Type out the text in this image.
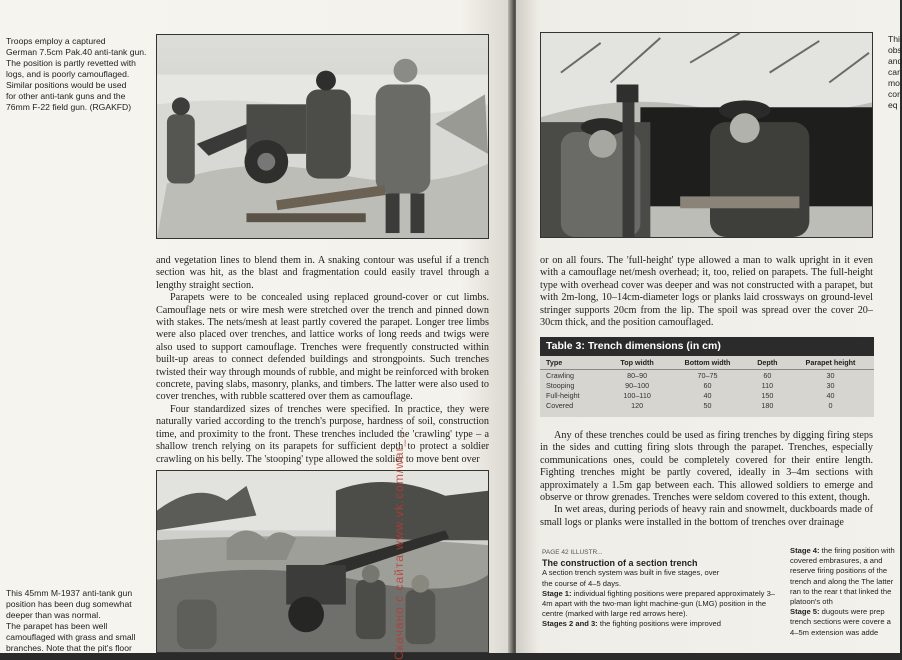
Troops employ a captured
German 7.5cm Pak.40 anti-tank gun.
The position is partly revetted with
logs, and is poorly camouflaged.
Similar positions would be used
for other anti-tank guns and the
76mm F-22 field gun. (RGAKFD)

and vegetation lines to blend them in. A snaking contour was useful if a trench section was hit, as the blast and fragmentation could easily travel through a lengthy straight section.

Parapets were to be concealed using replaced ground-cover or cut limbs. Camouflage nets or wire mesh were stretched over the trench and pinned down with stakes. The nets/mesh at least partly covered the parapet. Longer tree limbs were also placed over trenches, and lattice works of long reeds and twigs were also used to support camouflage. Trenches were frequently constructed within built-up areas to connect defended buildings and strongpoints. Such trenches twisted their way through mounds of rubble, and might be reinforced with broken concrete, paving slabs, masonry, planks, and timbers. The latter were also used to cover trenches, with rubble scattered over them as camouflage.

Four standardized sizes of trenches were specified. In practice, they were naturally varied according to the trench's purpose, hardness of soil, construction time, and proximity to the front. These trenches included the 'crawling' type – a shallow trench relying on its parapets for sufficient depth to protect a soldier crawling on his belly. The 'stooping' type allowed the soldier to move bent over

This 45mm M-1937 anti-tank gun
position has been dug somewhat
deeper than was normal.
The parapet has been well
camouflaged with grass and small
branches. Note that the pit's floor	Скачано с сайта www.vk.com/war_...
or on all fours. The 'full-height' type allowed a man to walk upright in it even with a camouflage net/mesh overhead; it, too, relied on parapets. The full-height type with overhead cover was deeper and was not constructed with a parapet, but with 2m-long, 10–14cm-diameter logs or planks laid crossways on ground-level stringer supports 20cm from the lip. The spoil was spread over the cover 20–30cm thick, and the position camouflaged.
Table 3: Trench dimensions (in cm)
Type	Top width	Bottom width	Depth	Parapet height
Crawling	80–90	70–75	60	30
Stooping	90–100	60	110	30
Full-height	100–110	40	150	40
Covered	120	50	180	0

Any of these trenches could be used as firing trenches by digging firing steps in the sides and cutting firing slots through the parapet. Trenches, especially communications ones, could be completely covered for their entire length. Fighting trenches might be partly covered, ideally in 3–4m sections with approximately a 1.5m gap between each. This allowed soldiers to emerge and observe or throw grenades. Trenches were seldom covered to this extent, though.

In wet areas, during periods of heavy rain and snowmelt, duckboards made of small logs or planks were installed in the bottom of trenches over drainage

PAGE 42 ILLUSTR...
The construction of a section trench
A section trench system was built in five stages, over
the course of 4–5 days.
Stage 1: individual fighting positions were prepared approximately 3–4m apart with the two-man light machine-gun (LMG) position in the centre (marked with large red arrows here).
Stages 2 and 3: the fighting positions were improved
Stage 4: the firing position with covered embrasures, a and reserve firing positions of the trench and along the The latter ran to the rear t that linked the platoon's oth
Stage 5: dugouts were prep trench sections were covere a 4–5m extension was adde
Thi
obs
and
car
mo
cor
eq
